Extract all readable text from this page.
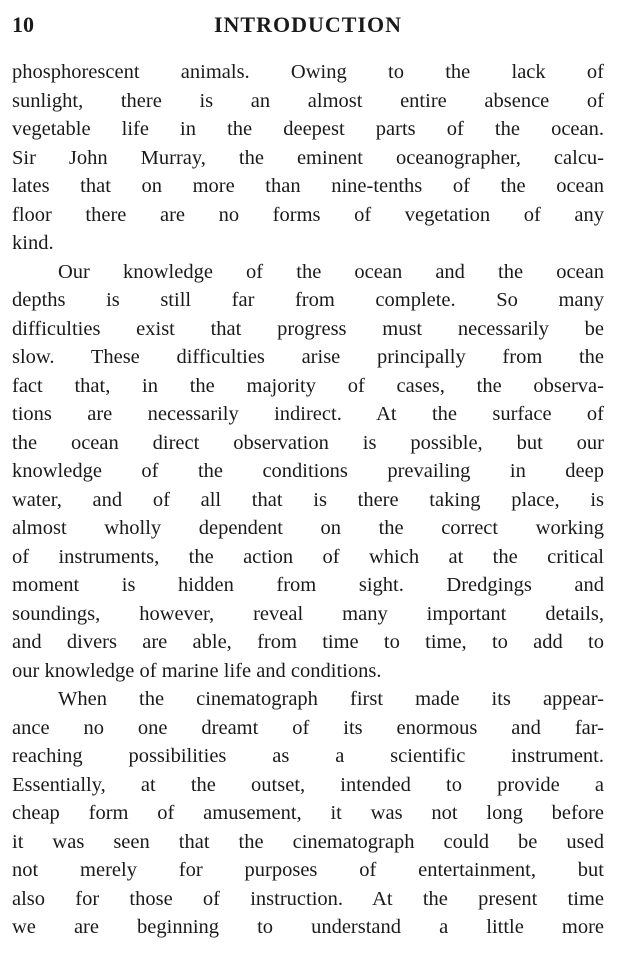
10	INTRODUCTION
phosphorescent animals. Owing to the lack of
sunlight, there is an almost entire absence of
vegetable life in the deepest parts of the ocean.
Sir John Murray, the eminent oceanographer, calcu-
lates that on more than nine-tenths of the ocean
floor there are no forms of vegetation of any
kind.
Our knowledge of the ocean and the ocean
depths is still far from complete. So many
difficulties exist that progress must necessarily be
slow. These difficulties arise principally from the
fact that, in the majority of cases, the observa-
tions are necessarily indirect. At the surface of
the ocean direct observation is possible, but our
knowledge of the conditions prevailing in deep
water, and of all that is there taking place, is
almost wholly dependent on the correct working
of instruments, the action of which at the critical
moment is hidden from sight. Dredgings and
soundings, however, reveal many important details,
and divers are able, from time to time, to add to
our knowledge of marine life and conditions.
When the cinematograph first made its appear-
ance no one dreamt of its enormous and far-
reaching possibilities as a scientific instrument.
Essentially, at the outset, intended to provide a
cheap form of amusement, it was not long before
it was seen that the cinematograph could be used
not merely for purposes of entertainment, but
also for those of instruction. At the present time
we are beginning to understand a little more
